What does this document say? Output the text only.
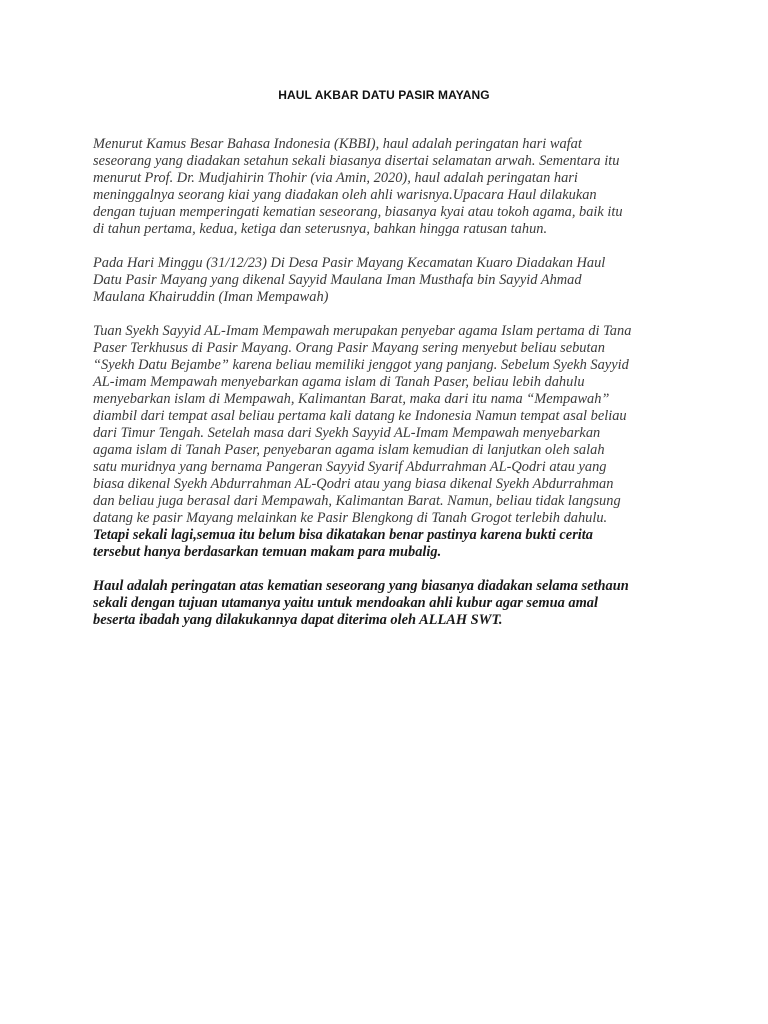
HAUL AKBAR DATU PASIR MAYANG

Menurut Kamus Besar Bahasa Indonesia (KBBI), haul adalah peringatan hari wafat
seseorang yang diadakan setahun sekali biasanya disertai selamatan arwah. Sementara itu
menurut Prof. Dr. Mudjahirin Thohir (via Amin, 2020), haul adalah peringatan hari
meninggalnya seorang kiai yang diadakan oleh ahli warisnya.Upacara Haul dilakukan
dengan tujuan memperingati kematian seseorang, biasanya kyai atau tokoh agama, baik itu
di tahun pertama, kedua, ketiga dan seterusnya, bahkan hingga ratusan tahun.

Pada Hari Minggu (31/12/23) Di Desa Pasir Mayang Kecamatan Kuaro Diadakan Haul
Datu Pasir Mayang yang dikenal Sayyid Maulana Iman Musthafa bin Sayyid Ahmad
Maulana Khairuddin (Iman Mempawah)

Tuan Syekh Sayyid AL-Imam Mempawah merupakan penyebar agama Islam pertama di Tana
Paser Terkhusus di Pasir Mayang. Orang Pasir Mayang sering menyebut beliau sebutan
“Syekh Datu Bejambe” karena beliau memiliki jenggot yang panjang. Sebelum Syekh Sayyid
AL-imam Mempawah menyebarkan agama islam di Tanah Paser, beliau lebih dahulu
menyebarkan islam di Mempawah, Kalimantan Barat, maka dari itu nama “Mempawah”
diambil dari tempat asal beliau pertama kali datang ke Indonesia Namun tempat asal beliau
dari Timur Tengah. Setelah masa dari Syekh Sayyid AL-Imam Mempawah menyebarkan
agama islam di Tanah Paser, penyebaran agama islam kemudian di lanjutkan oleh salah
satu muridnya yang bernama Pangeran Sayyid Syarif Abdurrahman AL-Qodri atau yang
biasa dikenal Syekh Abdurrahman AL-Qodri atau yang biasa dikenal Syekh Abdurrahman
dan beliau juga berasal dari Mempawah, Kalimantan Barat. Namun, beliau tidak langsung
datang ke pasir Mayang melainkan ke Pasir Blengkong di Tanah Grogot terlebih dahulu.
Tetapi sekali lagi,semua itu belum bisa dikatakan benar pastinya karena bukti cerita
tersebut hanya berdasarkan temuan makam para mubalig.

Haul adalah peringatan atas kematian seseorang yang biasanya diadakan selama sethaun
sekali dengan tujuan utamanya yaitu untuk mendoakan ahli kubur agar semua amal
beserta ibadah yang dilakukannya dapat diterima oleh ALLAH SWT.
